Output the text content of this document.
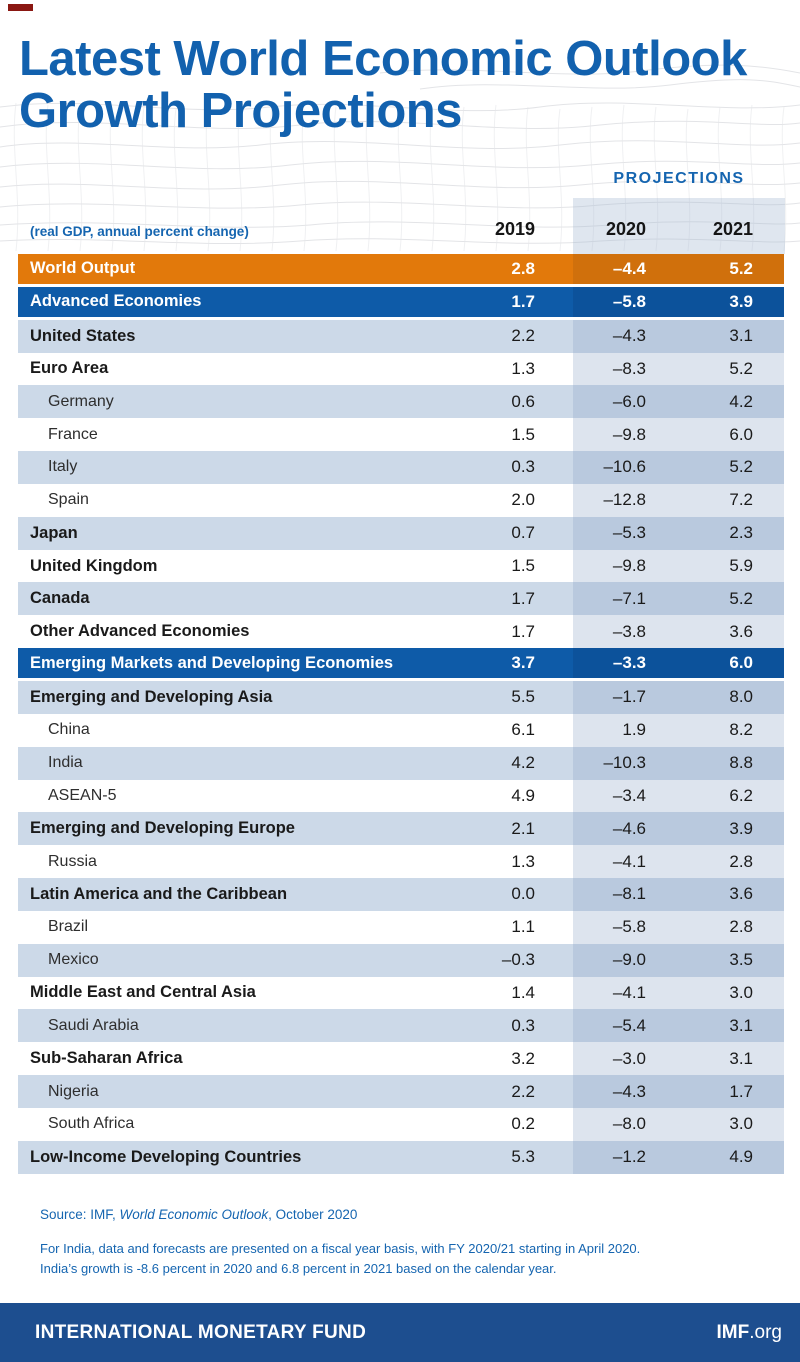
Latest World Economic Outlook
Growth Projections
PROJECTIONS
(real GDP, annual percent change)	2019	2020	2021
World Output	2.8	–4.4	5.2
Advanced Economies	1.7	–5.8	3.9
United States	2.2	–4.3	3.1
Euro Area	1.3	–8.3	5.2
Germany	0.6	–6.0	4.2
France	1.5	–9.8	6.0
Italy	0.3	–10.6	5.2
Spain	2.0	–12.8	7.2
Japan	0.7	–5.3	2.3
United Kingdom	1.5	–9.8	5.9
Canada	1.7	–7.1	5.2
Other Advanced Economies	1.7	–3.8	3.6
Emerging Markets and Developing Economies	3.7	–3.3	6.0
Emerging and Developing Asia	5.5	–1.7	8.0
China	6.1	1.9	8.2
India	4.2	–10.3	8.8
ASEAN-5	4.9	–3.4	6.2
Emerging and Developing Europe	2.1	–4.6	3.9
Russia	1.3	–4.1	2.8
Latin America and the Caribbean	0.0	–8.1	3.6
Brazil	1.1	–5.8	2.8
Mexico	–0.3	–9.0	3.5
Middle East and Central Asia	1.4	–4.1	3.0
Saudi Arabia	0.3	–5.4	3.1
Sub-Saharan Africa	3.2	–3.0	3.1
Nigeria	2.2	–4.3	1.7
South Africa	0.2	–8.0	3.0
Low-Income Developing Countries	5.3	–1.2	4.9
Source: IMF, World Economic Outlook, October 2020
For India, data and forecasts are presented on a fiscal year basis, with FY 2020/21 starting in April 2020.
India’s growth is -8.6 percent in 2020 and 6.8 percent in 2021 based on the calendar year.
INTERNATIONAL MONETARY FUND	IMF.org
